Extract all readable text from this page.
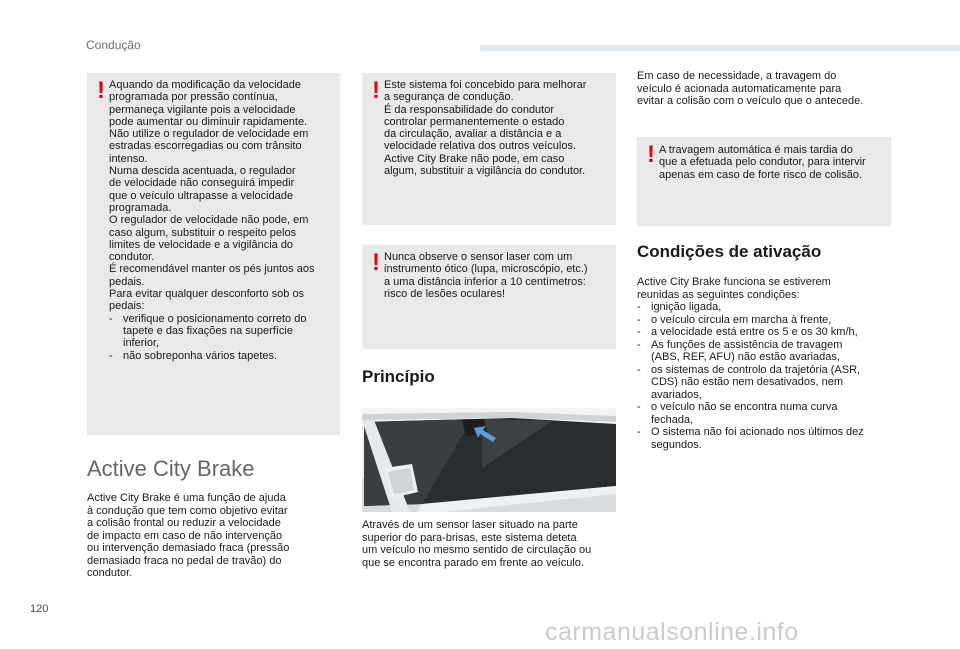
Condução
! Aquando da modificação da velocidade

programada por pressão contínua,

permaneça vigilante pois a velocidade

pode aumentar ou diminuir rapidamente.

Não utilize o regulador de velocidade em

estradas escorregadias ou com trânsito

intenso.

Numa descida acentuada, o regulador

de velocidade não conseguirá impedir

que o veículo ultrapasse a velocidade

programada.

O regulador de velocidade não pode, em

caso algum, substituir o respeito pelos

limites de velocidade e a vigilância do

condutor.

É recomendável manter os pés juntos aos

pedais.

Para evitar qualquer desconforto sob os

pedais:

- verifique o posicionamento correto do

tapete e das fixações na superfície

inferior,

- não sobreponha vários tapetes.

Active City Brake

Active City Brake é uma função de ajuda

à condução que tem como objetivo evitar

a colisão frontal ou reduzir a velocidade

de impacto em caso de não intervenção

ou intervenção demasiado fraca (pressão

demasiado fraca no pedal de travão) do

condutor.

! Este sistema foi concebido para melhorar

a segurança de condução.

É da responsabilidade do condutor

controlar permanentemente o estado

da circulação, avaliar a distância e a

velocidade relativa dos outros veículos.

Active City Brake não pode, em caso

algum, substituir a vigilância do condutor.

! Nunca observe o sensor laser com um

instrumento ótico (lupa, microscópio, etc.)

a uma distância inferior a 10 centímetros:

risco de lesões oculares!

Princípio

Através de um sensor laser situado na parte

superior do para-brisas, este sistema deteta

um veículo no mesmo sentido de circulação ou

que se encontra parado em frente ao veículo.

Em caso de necessidade, a travagem do

veículo é acionada automaticamente para

evitar a colisão com o veículo que o antecede.

! A travagem automática é mais tardia do

que a efetuada pelo condutor, para intervir

apenas em caso de forte risco de colisão.

Condições de ativação

Active City Brake funciona se estiverem

reunidas as seguintes condições:

- ignição ligada,

- o veículo circula em marcha à frente,

- a velocidade está entre os 5 e os 30 km/h,

- As funções de assistência de travagem

(ABS, REF, AFU) não estão avariadas,

- os sistemas de controlo da trajetória (ASR,

CDS) não estão nem desativados, nem

avariados,

- o veículo não se encontra numa curva

fechada,

- O sistema não foi acionado nos últimos dez

segundos.

120
carmanualsonline.info
